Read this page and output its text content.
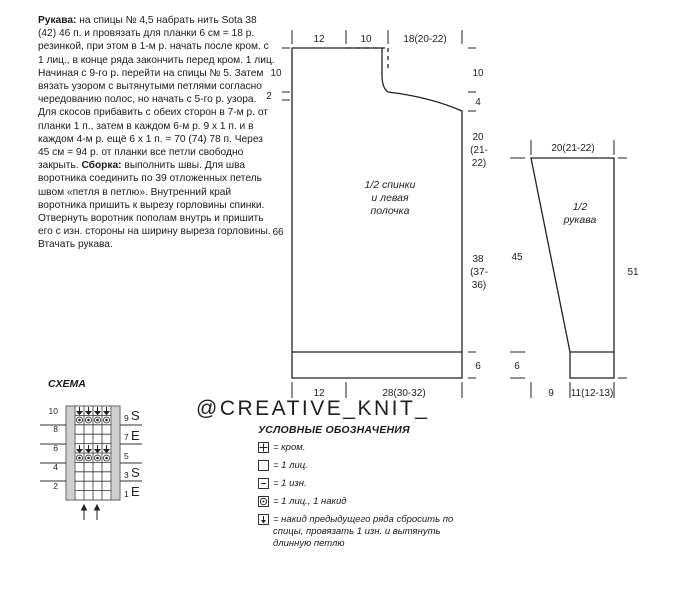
Рукава: на спицы № 4,5 набрать нить Sota 38 (42) 46 п. и провязать для планки 6 см = 18 р. резинкой, при этом в 1-м р. начать после кром. с 1 лиц., в конце ряда закончить перед кром. 1 лиц. Начиная с 9-го р. перейти на спицы № 5. Затем вязать узором с вытянутыми петлями согласно чередованию полос, но начать с 5-го р. узора. Для скосов прибавить с обеих сторон в 7-м р. от планки 1 п., затем в каждом 6-м р. 9 х 1 п. и в каждом 4-м р. ещё 6 х 1 п. = 70 (74) 78 п. Через 45 см = 94 р. от планки все петли свободно закрыть. Сборка: выполнить швы. Для шва воротника соединить по 39 отложенных петель швом «петля в петлю». Внутренний край воротника пришить к вырезу горловины спинки. Отвернуть воротник пополам внутрь и пришить его с изн. стороны на ширину выреза горловины. Втачать рукава.

12	10	18(20-22)
10
2
66
10
4
20
(21-
22)
38
(37-
36)
6
12	28(30-32)
1/2 спинки
и левая
полочка
20(21-22)
45
6
51
9 11(12-13)
1/2
рукава
10
8
6
4
2
9
7
5
3
1
S
E
S
E
СХЕМА
@CREATIVE_KNIT_
УСЛОВНЫЕ ОБОЗНАЧЕНИЯ
= кром.
= 1 лиц.
= 1 изн.
= 1 лиц., 1 накид
= накид предыдущего ряда сбросить по спицы, провязать 1 изн. и вытянуть длинную петлю
